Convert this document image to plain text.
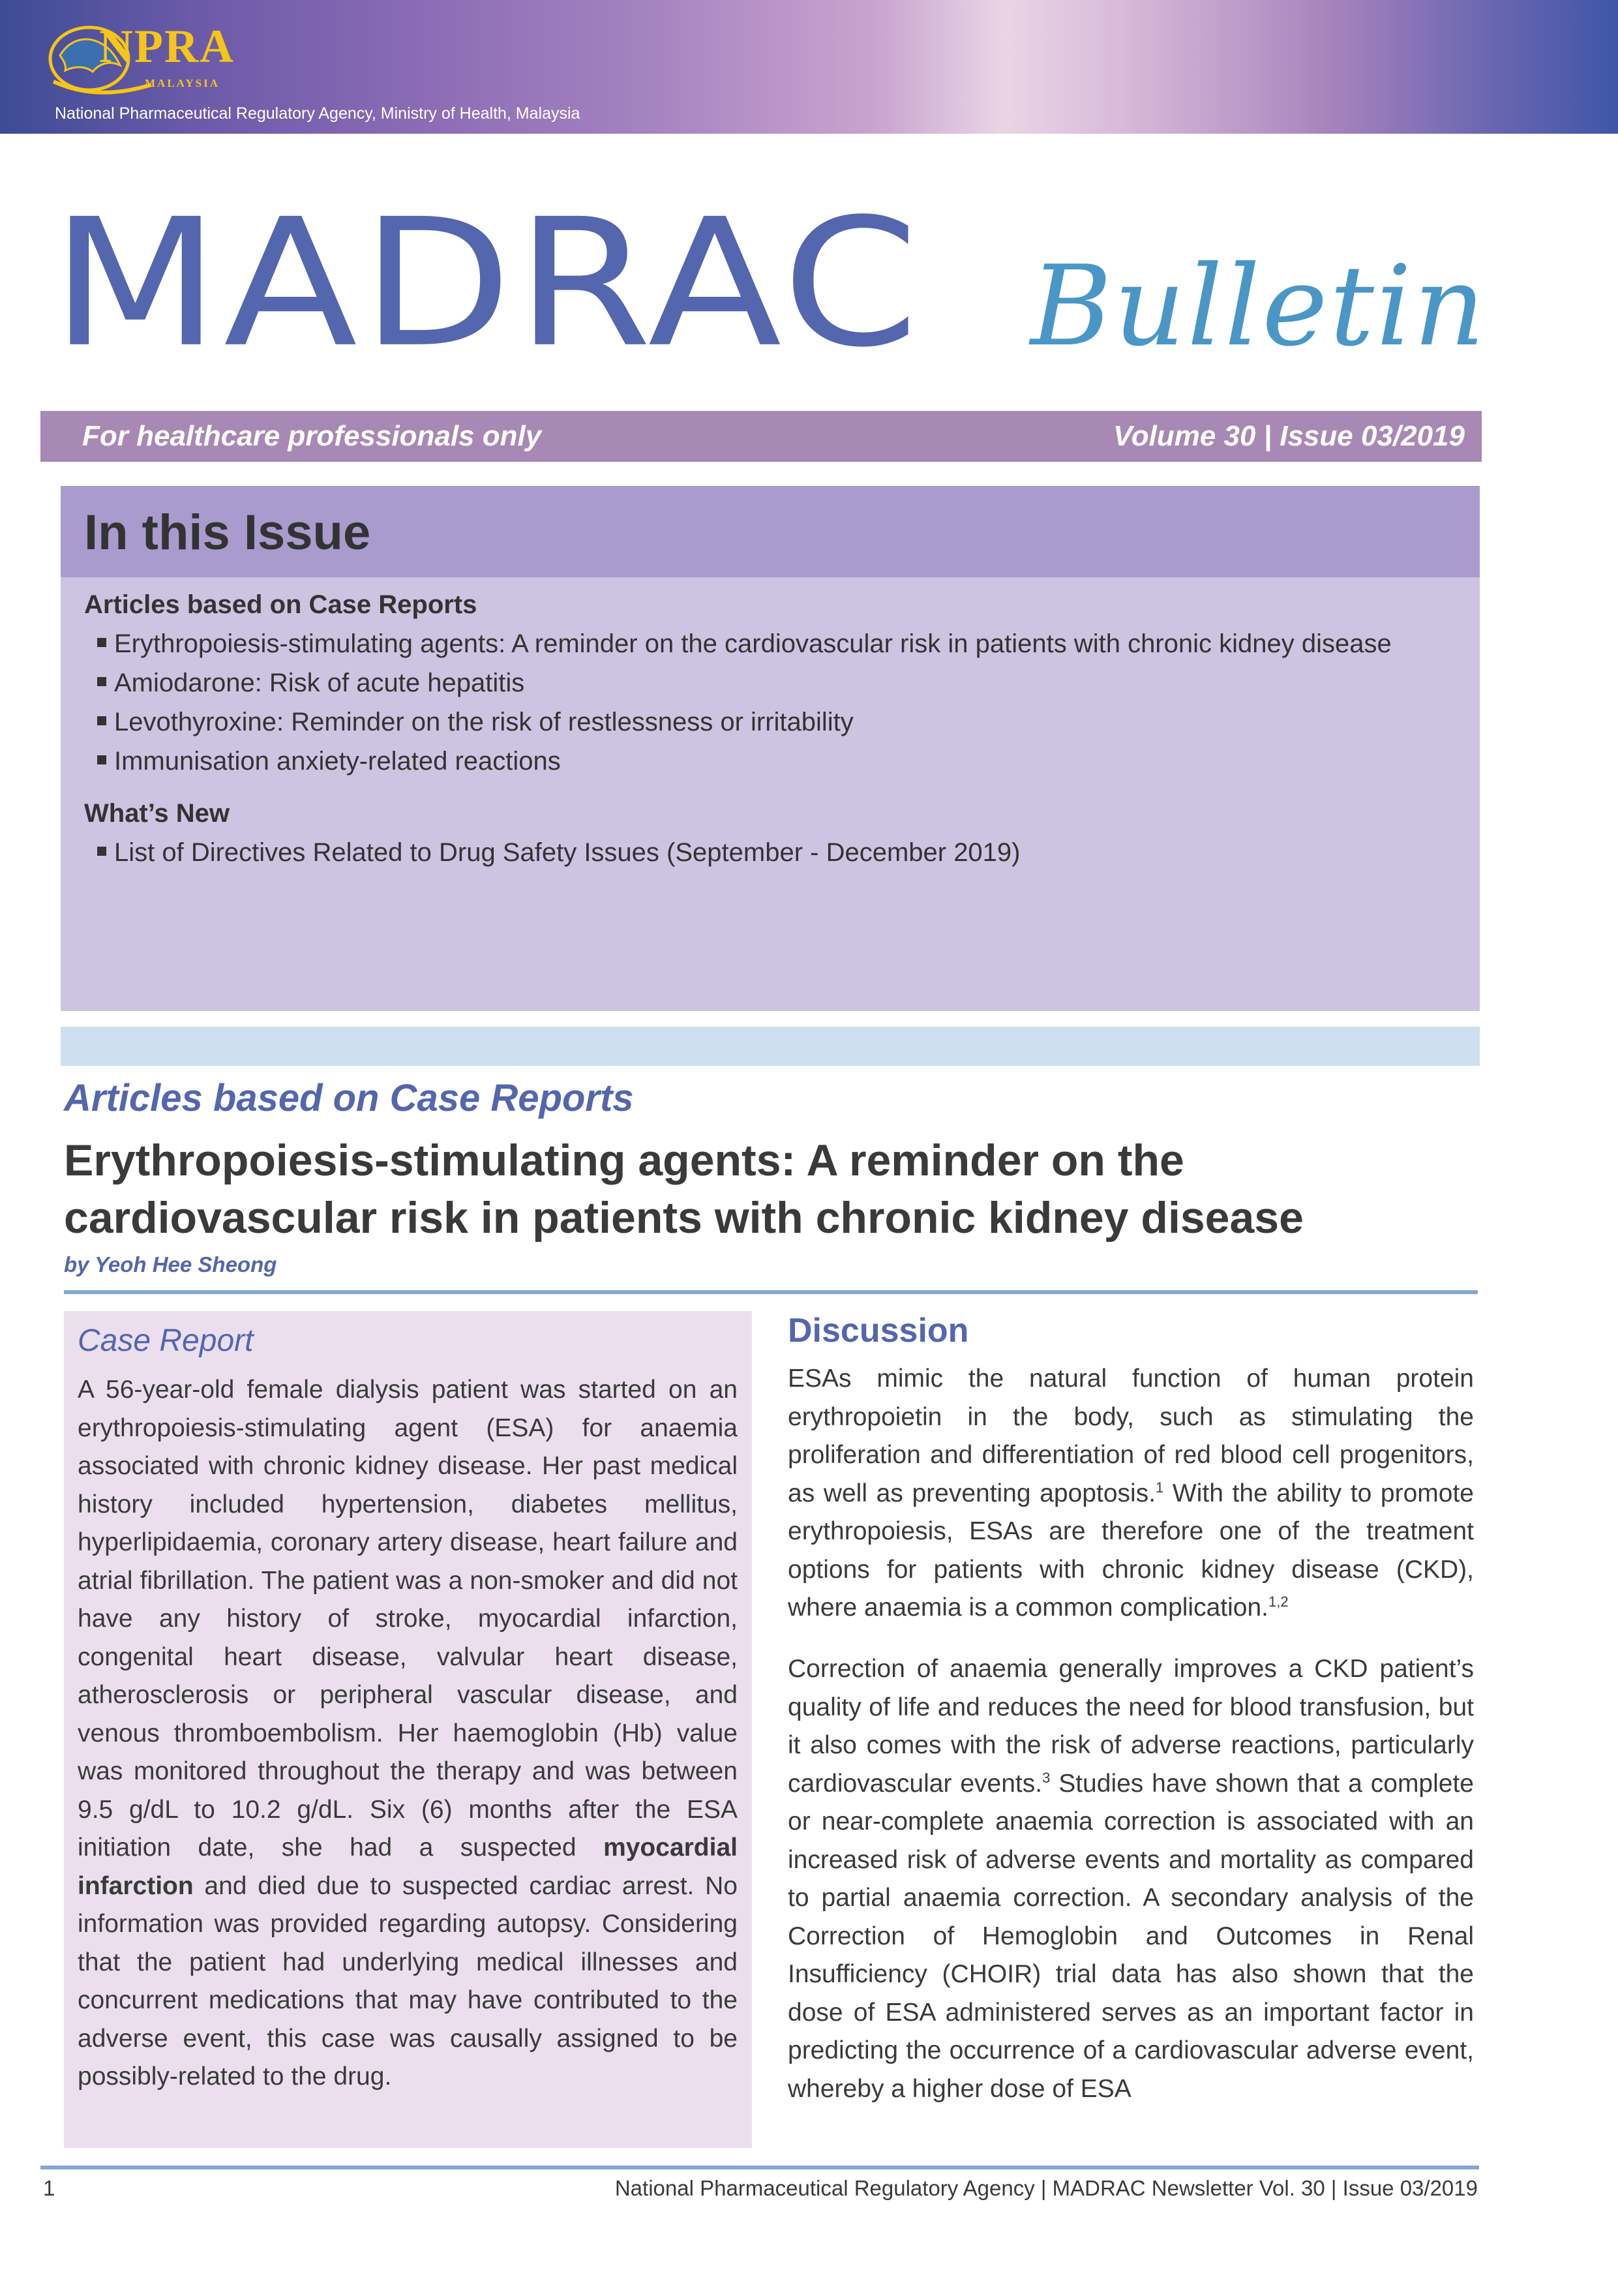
NPRA
MALAYSIA
National Pharmaceutical Regulatory Agency, Ministry of Health, Malaysia
MADRAC Bulletin
For healthcare professionals only	Volume 30 | Issue 03/2019
In this Issue
Articles based on Case Reports
Erythropoiesis-stimulating agents: A reminder on the cardiovascular risk in patients with chronic kidney disease
Amiodarone: Risk of acute hepatitis
Levothyroxine: Reminder on the risk of restlessness or irritability
Immunisation anxiety-related reactions
What’s New
List of Directives Related to Drug Safety Issues (September - December 2019)
Articles based on Case Reports
Erythropoiesis-stimulating agents: A reminder on the cardiovascular risk in patients with chronic kidney disease
by Yeoh Hee Sheong
Case Report
A 56-year-old female dialysis patient was started on an erythropoiesis-stimulating agent (ESA) for anaemia associated with chronic kidney disease. Her past medical history included hypertension, diabetes mellitus, hyperlipidaemia, coronary artery disease, heart failure and atrial fibrillation. The patient was a non-smoker and did not have any history of stroke, myocardial infarction, congenital heart disease, valvular heart disease, atherosclerosis or peripheral vascular disease, and venous thromboembolism. Her haemoglobin (Hb) value was monitored throughout the therapy and was between 9.5 g/dL to 10.2 g/dL. Six (6) months after the ESA initiation date, she had a suspected myocardial infarction and died due to suspected cardiac arrest. No information was provided regarding autopsy. Considering that the patient had underlying medical illnesses and concurrent medications that may have contributed to the adverse event, this case was causally assigned to be possibly-related to the drug.
Discussion
ESAs mimic the natural function of human protein erythropoietin in the body, such as stimulating the proliferation and differentiation of red blood cell progenitors, as well as preventing apoptosis.$^1$ With the ability to promote erythropoiesis, ESAs are therefore one of the treatment options for patients with chronic kidney disease (CKD), where anaemia is a common complication.$^{1,2}$
Correction of anaemia generally improves a CKD patient’s quality of life and reduces the need for blood transfusion, but it also comes with the risk of adverse reactions, particularly cardiovascular events.$^3$ Studies have shown that a complete or near-complete anaemia correction is associated with an increased risk of adverse events and mortality as compared to partial anaemia correction. A secondary analysis of the Correction of Hemoglobin and Outcomes in Renal Insufficiency (CHOIR) trial data has also shown that the dose of ESA administered serves as an important factor in predicting the occurrence of a cardiovascular adverse event, whereby a higher dose of ESA
1	National Pharmaceutical Regulatory Agency | MADRAC Newsletter Vol. 30 | Issue 03/2019
